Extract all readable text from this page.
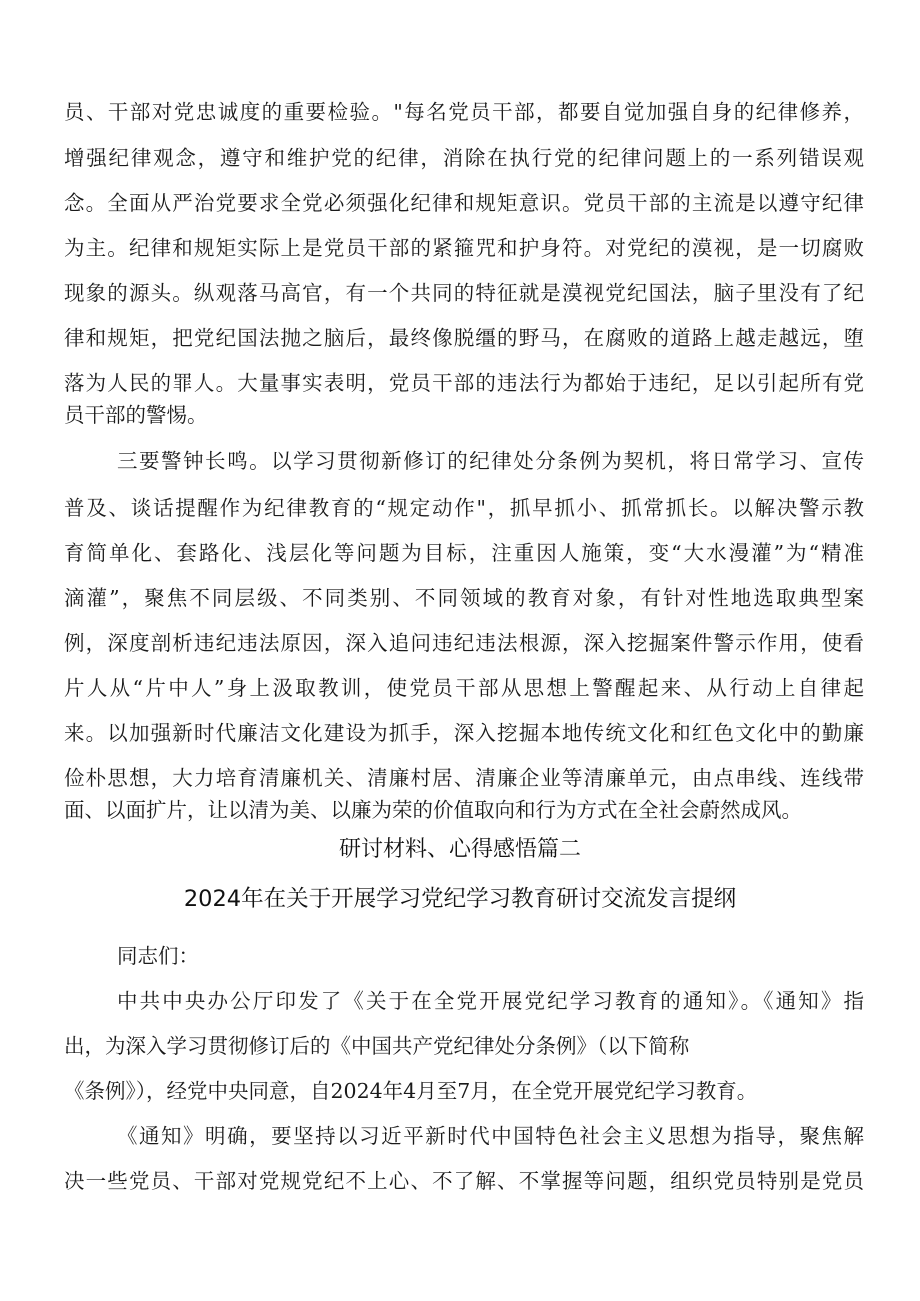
员、干部对党忠诚度的重要检验。"每名党员干部，都要自觉加强自身的纪律修养，
增强纪律观念，遵守和维护党的纪律，消除在执行党的纪律问题上的一系列错误观
念。全面从严治党要求全党必须强化纪律和规矩意识。党员干部的主流是以遵守纪律
为主。纪律和规矩实际上是党员干部的紧箍咒和护身符。对党纪的漠视，是一切腐败
现象的源头。纵观落马高官，有一个共同的特征就是漠视党纪国法，脑子里没有了纪
律和规矩，把党纪国法抛之脑后，最终像脱缰的野马，在腐败的道路上越走越远，堕
落为人民的罪人。大量事实表明，党员干部的违法行为都始于违纪，足以引起所有党
员干部的警惕。
三要警钟长鸣。以学习贯彻新修订的纪律处分条例为契机，将日常学习、宣传
普及、谈话提醒作为纪律教育的“规定动作"，抓早抓小、抓常抓长。以解决警示教
育简单化、套路化、浅层化等问题为目标，注重因人施策，变“大水漫灌”为“精准
滴灌”，聚焦不同层级、不同类别、不同领域的教育对象，有针对性地选取典型案
例，深度剖析违纪违法原因，深入追问违纪违法根源，深入挖掘案件警示作用，使看
片人从“片中人”身上汲取教训，使党员干部从思想上警醒起来、从行动上自律起
来。以加强新时代廉洁文化建设为抓手，深入挖掘本地传统文化和红色文化中的勤廉
俭朴思想，大力培育清廉机关、清廉村居、清廉企业等清廉单元，由点串线、连线带
面、以面扩片，让以清为美、以廉为荣的价值取向和行为方式在全社会蔚然成风。
研讨材料、心得感悟篇二
2024年在关于开展学习党纪学习教育研讨交流发言提纲
同志们：
中共中央办公厅印发了《关于在全党开展党纪学习教育的通知》。《通知》指
出，为深入学习贯彻修订后的《中国共产党纪律处分条例》（以下简称
《条例》），经党中央同意，自2024年4月至7月，在全党开展党纪学习教育。
《通知》明确，要坚持以习近平新时代中国特色社会主义思想为指导，聚焦解
决一些党员、干部对党规党纪不上心、不了解、不掌握等问题，组织党员特别是党员
